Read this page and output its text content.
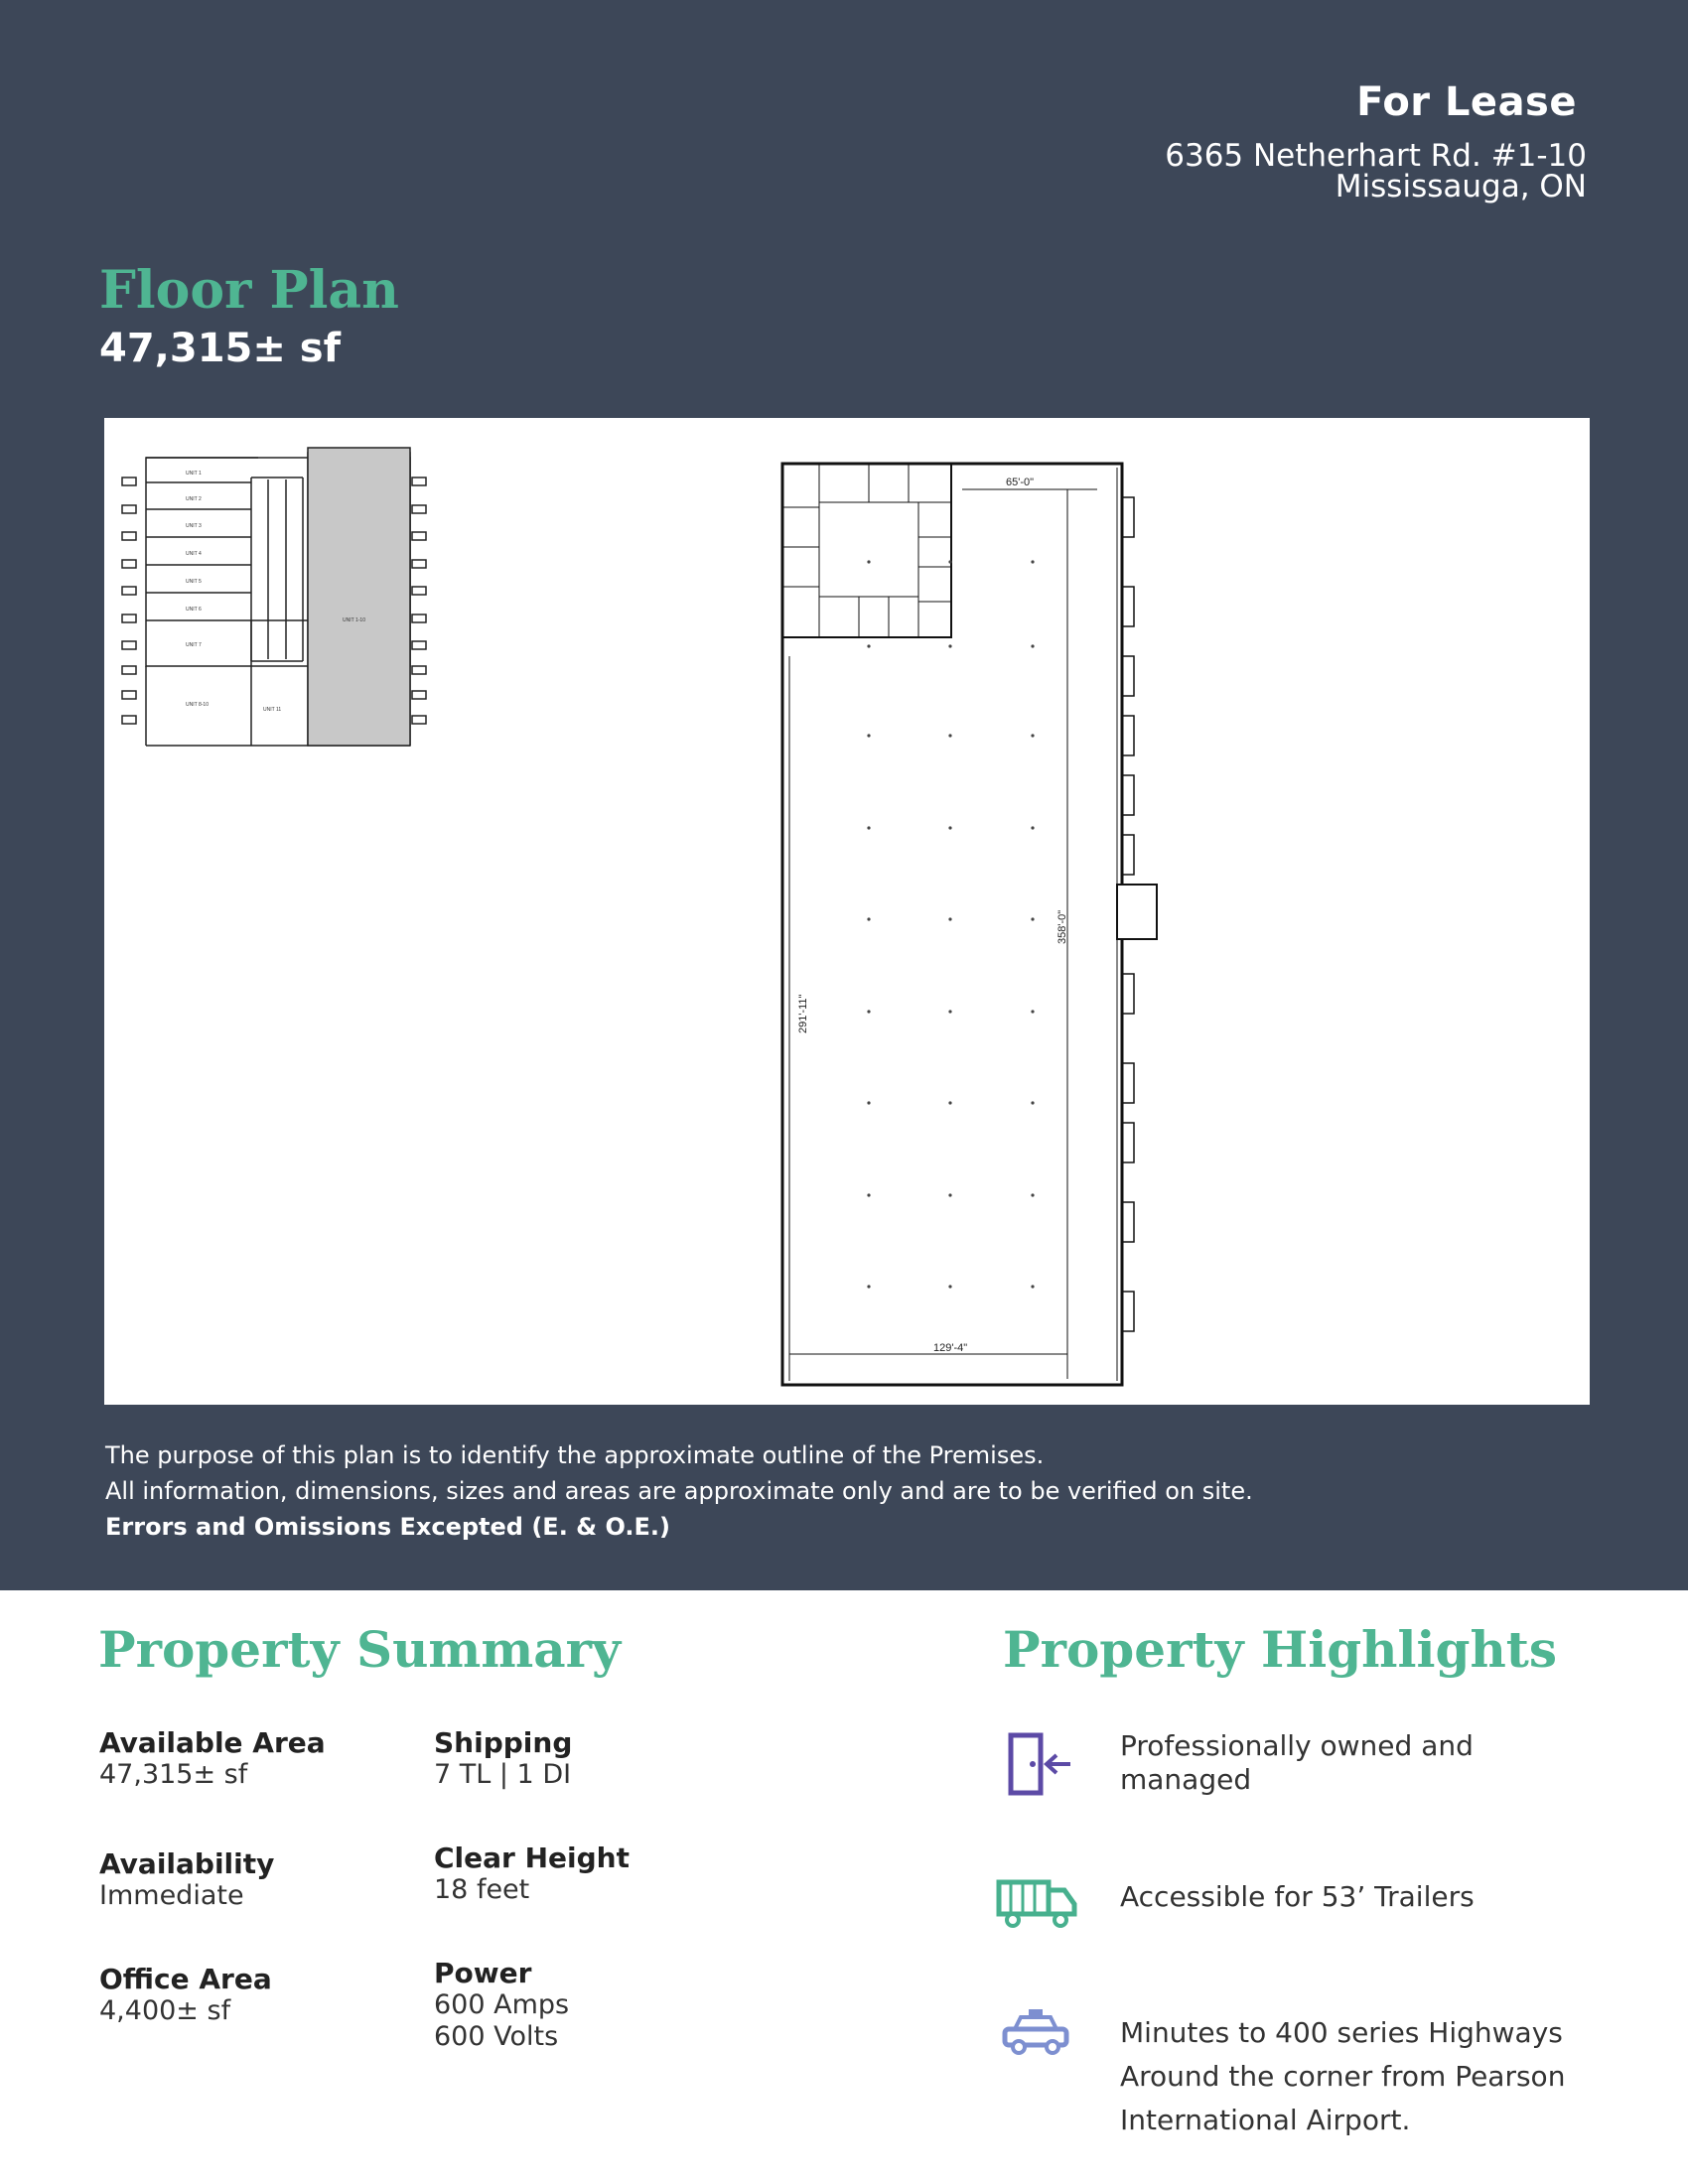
For Lease
6365 Netherhart Rd. #1-10
Mississauga, ON
Floor Plan
47,315± sf
UNIT 1
UNIT 2
UNIT 3
UNIT 4
UNIT 5
UNIT 6
UNIT 7
UNIT 8-10
UNIT 11
UNIT 1-10
65'-0"
129'-4"
291'-11"
358'-0"
The purpose of this plan is to identify the approximate outline of the Premises.
All information, dimensions, sizes and areas are approximate only and are to be verified on site.
Errors and Omissions Excepted (E. & O.E.)
Property Summary
Available Area
47,315± sf
Availability
Immediate
Office Area
4,400± sf
Shipping
7 TL | 1 DI
Clear Height
18 feet
Power
600 Amps
600 Volts
Property Highlights
Professionally owned and
managed
Accessible for 53’ Trailers
Minutes to 400 series Highways
Around the corner from Pearson
International Airport.
